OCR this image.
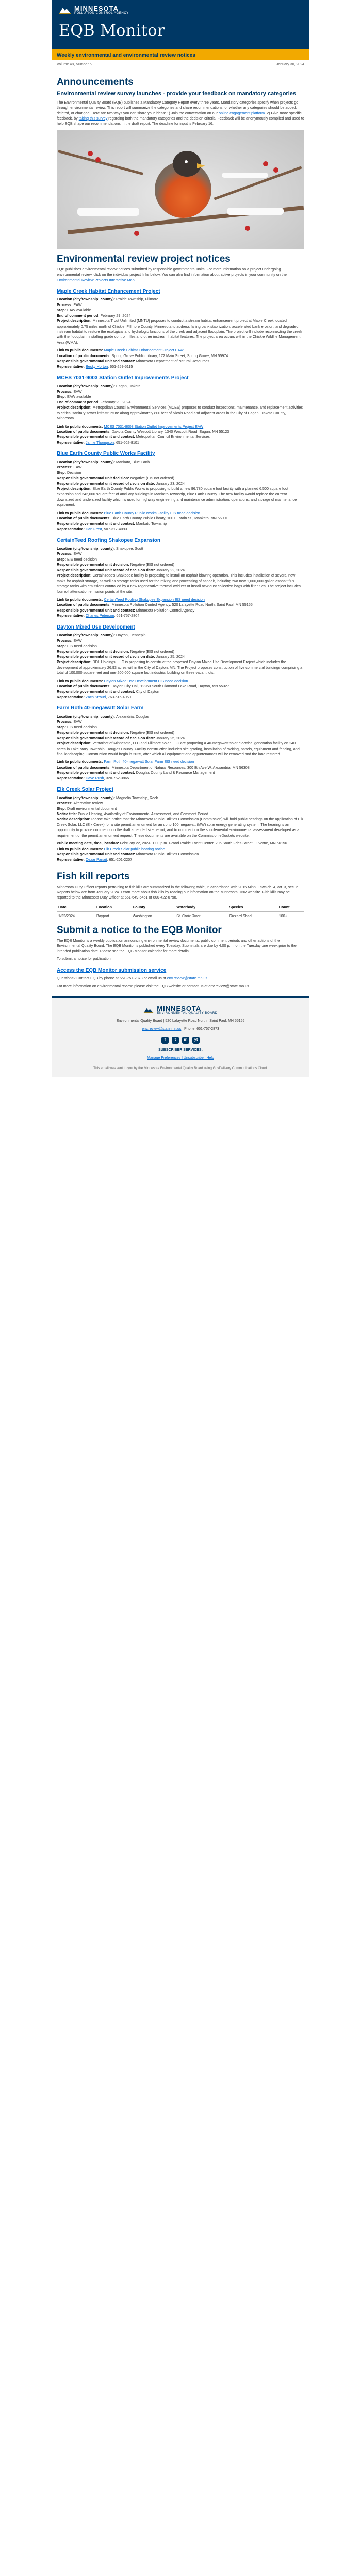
MINNESOTA
POLLUTION CONTROL AGENCY
EQB Monitor
Weekly environmental and environmental review notices
Volume 48, Number 5	January 30, 2024
Announcements
Environmental review survey launches - provide your feedback on mandatory categories

The Environmental Quality Board (EQB) publishes a Mandatory Category Report every three years. Mandatory categories specify when projects go through environmental review. This report will summarize the categories and share recommendations for whether any categories should be added, deleted, or changed. Here are two ways you can share your ideas: 1) Join the conversation on our online engagement platform. 2) Give more specific feedback, by taking this survey regarding both the mandatory categories and the decision criteria. Feedback will be anonymously compiled and used to help EQB shape our recommendations in the draft report. The deadline for input is February 16.

Environmental review project notices

EQB publishes environmental review notices submitted by responsible governmental units. For more information on a project undergoing environmental review, click on the individual project links below. You can also find information about active projects in your community on the Environmental Review Projects Interactive Map.

Maple Creek Habitat Enhancement Project
Location (city/township; county): Prairie Township, Fillmore
Process: EAW
Step: EAW available
End of comment period: February 29, 2024

Project description: Minnesota Trout Unlimited (MNTU) proposes to conduct a stream habitat enhancement project at Maple Creek located approximately 0.75 miles north of Chickie, Fillmore County, Minnesota to address failing bank stabilization, accelerated bank erosion, and degraded instream habitat to restore the ecological and hydrologic functions of the creek and adjacent floodplain. The project will include reconnecting the creek with the floodplain, installing grade control riffles and other instream habitat features. The project area occurs within the Chickie Wildlife Management Area (WMA).

Link to public documents: Maple Creek Habitat Enhancement Project EAW
Location of public documents: Spring Grove Public Library, 172 Main Street, Spring Grove, MN 55974
Responsible governmental unit and contact: Minnesota Department of Natural Resources
Representative: Becky Horton, 651-259-5115
MCES 7031-9003 Station Outlet Improvements Project
Location (city/township; county): Eagan, Dakota
Process: EAW
Step: EAW available
End of comment period: February 29, 2024

Project description: Metropolitan Council Environmental Services (MCES) proposes to conduct inspections, maintenance, and replacement activities to critical sanitary sewer infrastructure along approximately 800 feet of Nicols Road and adjacent areas in the City of Eagan, Dakota County, Minnesota.

Link to public documents: MCES 7031-9003 Station Outlet Improvements Project EAW
Location of public documents: Dakota County Wescott Library, 1340 Wescott Road, Eagan, MN 55123
Responsible governmental unit and contact: Metropolitan Council Environmental Services
Representative: Jamie Thompson, 651-602-8101
Blue Earth County Public Works Facility
Location (city/township; county): Mankato, Blue Earth
Process: EAW
Step: Decision
Responsible governmental unit decision: Negative (EIS not ordered)
Responsible governmental unit record of decision date: January 23, 2024

Project description: Blue Earth County Public Works is proposing to build a new 96,780 square foot facility with a planned 6,500 square foot expansion and 242,000 square feet of ancillary buildings in Mankato Township, Blue Earth County. The new facility would replace the current downsized and undersized facility which is used for highway engineering and maintenance administration, operations, and storage of maintenance equipment.

Link to public documents: Blue Earth County Public Works Facility EIS need decision
Location of public documents: Blue Earth County Public Library, 100 E. Main St., Mankato, MN 56001
Responsible governmental unit and contact: Mankato Township
Representative: Dan Frost, 507-317-4093
CertainTeed Roofing Shakopee Expansion
Location (city/township; county): Shakopee, Scott
Process: EAW
Step: EIS need decision
Responsible governmental unit decision: Negative (EIS not ordered)
Responsible governmental unit record of decision date: January 22, 2024

Project description: CertainTeed's Shakopee facility is proposing to install an asphalt blowing operation. This includes installation of several new tanks for asphalt storage, as well as storage tanks used for the mixing and processing of asphalt, including two new 1,000,000-gallon asphalt flux storage tanks with emissions controlled by a new regenerative thermal oxidizer or install new dust collection bags with filter tiles. The project includes four roll attenuation emission points at the site.

Link to public documents: CertainTeed Roofing Shakopee Expansion EIS need decision
Location of public documents: Minnesota Pollution Control Agency, 520 Lafayette Road North, Saint Paul, MN 55155
Responsible governmental unit and contact: Minnesota Pollution Control Agency
Representative: Charles Peterson, 651-757-2804
Dayton Mixed Use Development
Location (city/township; county): Dayton, Hennepin
Process: EAW
Step: EIS need decision
Responsible governmental unit decision: Negative (EIS not ordered)
Responsible governmental unit record of decision date: January 25, 2024

Project description: DDL Holdings, LLC is proposing to construct the proposed Dayton Mixed Use Development Project which includes the development of approximately 26.93 acres within the City of Dayton, MN. The Project proposes construction of five commercial buildings comprising a total of 100,000 square feet and one 200,000 square foot industrial building on three vacant lots.

Link to public documents: Dayton Mixed Use Development EIS need decision
Location of public documents: Dayton City Hall, 12260 South Diamond Lake Road, Dayton, MN 55327
Responsible governmental unit and contact: City of Dayton
Representative: Zach Stroud, 763-515-4050
Farm Roth 40-megawatt Solar Farm
Location (city/township; county): Alexandria, Douglas
Process: EAW
Step: EIS need decision
Responsible governmental unit decision: Negative (EIS not ordered)
Responsible governmental unit record of decision date: January 25, 2024

Project description: Ventarbet of Minnesota, LLC and Fillmore Solar, LLC are proposing a 40-megawatt solar electrical generation facility on 240 acres in Lake Mary Township, Douglas County. Facility construction includes site grading, installation of racking, panels, equipment and fencing, and final landscaping. Construction would begin in 2025, after which all equipment and appurtenances will be removed and the land restored.

Link to public documents: Farm Roth 40-megawatt Solar Farm EIS need decision
Location of public documents: Minnesota Department of Natural Resources, 300 8th Ave W, Alexandria, MN 56308
Responsible governmental unit and contact: Douglas County Land & Resource Management
Representative: Dave Rush, 320-762-3865
Elk Creek Solar Project
Location (city/township; county): Magnolia Township, Rock
Process: Alternative review
Step: Draft environmental document
Notice title: Public Hearing, Availability of Environmental Assessment, and Comment Period

Notice description: Please take notice that the Minnesota Public Utilities Commission (Commission) will hold public hearings on the application of Elk Creek Solar, LLC (Elk Creek) for a site permit amendment for an up to 100 megawatt (MW) solar energy generating system. The hearing is an opportunity to provide comments on the draft amended site permit, and to comment on the supplemental environmental assessment developed as a requirement of the permit amendment request. These documents are available on the Commission eDockets website.

Public meeting date, time, location: February 22, 2024, 1:00 p.m. Grand Prairie Event Center, 205 South Fries Street, Luverne, MN 56156
Link to public documents: Elk Creek Solar public hearing notice
Responsible governmental unit and contact: Minnesota Public Utilities Commission
Representative: Cezar Panait, 651-201-2207
Fish kill reports

Minnesota Duty Officer reports pertaining to fish kills are summarized in the following table, in accordance with 2015 Minn. Laws ch. 4, art. 3, sec. 2. Reports below are from January 2024. Learn more about fish kills by reading our information on the Minnesota DNR website. Fish kills may be reported to the Minnesota Duty Officer at 651-649-5451 or 800-422-0798.

Date	Location	County	Waterbody	Species	Count
1/22/2024	Bayport	Washington	St. Croix River	Gizzard Shad	100+
Submit a notice to the EQB Monitor

The EQB Monitor is a weekly publication announcing environmental review documents, public comment periods and other actions of the Environmental Quality Board. The EQB Monitor is published every Tuesday. Submittals are due by 4:00 p.m. on the Tuesday one week prior to the intended publication date. Please see the EQB Monitor calendar for more details.

To submit a notice for publication:

Access the EQB Monitor submission service

Questions? Contact EQB by phone at 651-757-2873 or email us at env.review@state.mn.us.

For more information on environmental review, please visit the EQB website or contact us at env.review@state.mn.us.

MINNESOTA
ENVIRONMENTAL QUALITY BOARD
Environmental Quality Board | 520 Lafayette Road North | Saint Paul, MN 55155
env.review@state.mn.us | Phone: 651-757-2873
f	t	in	yt
SUBSCRIBER SERVICES:
Manage Preferences | Unsubscribe | Help
This email was sent to you by the Minnesota Environmental Quality Board using GovDelivery Communications Cloud.
